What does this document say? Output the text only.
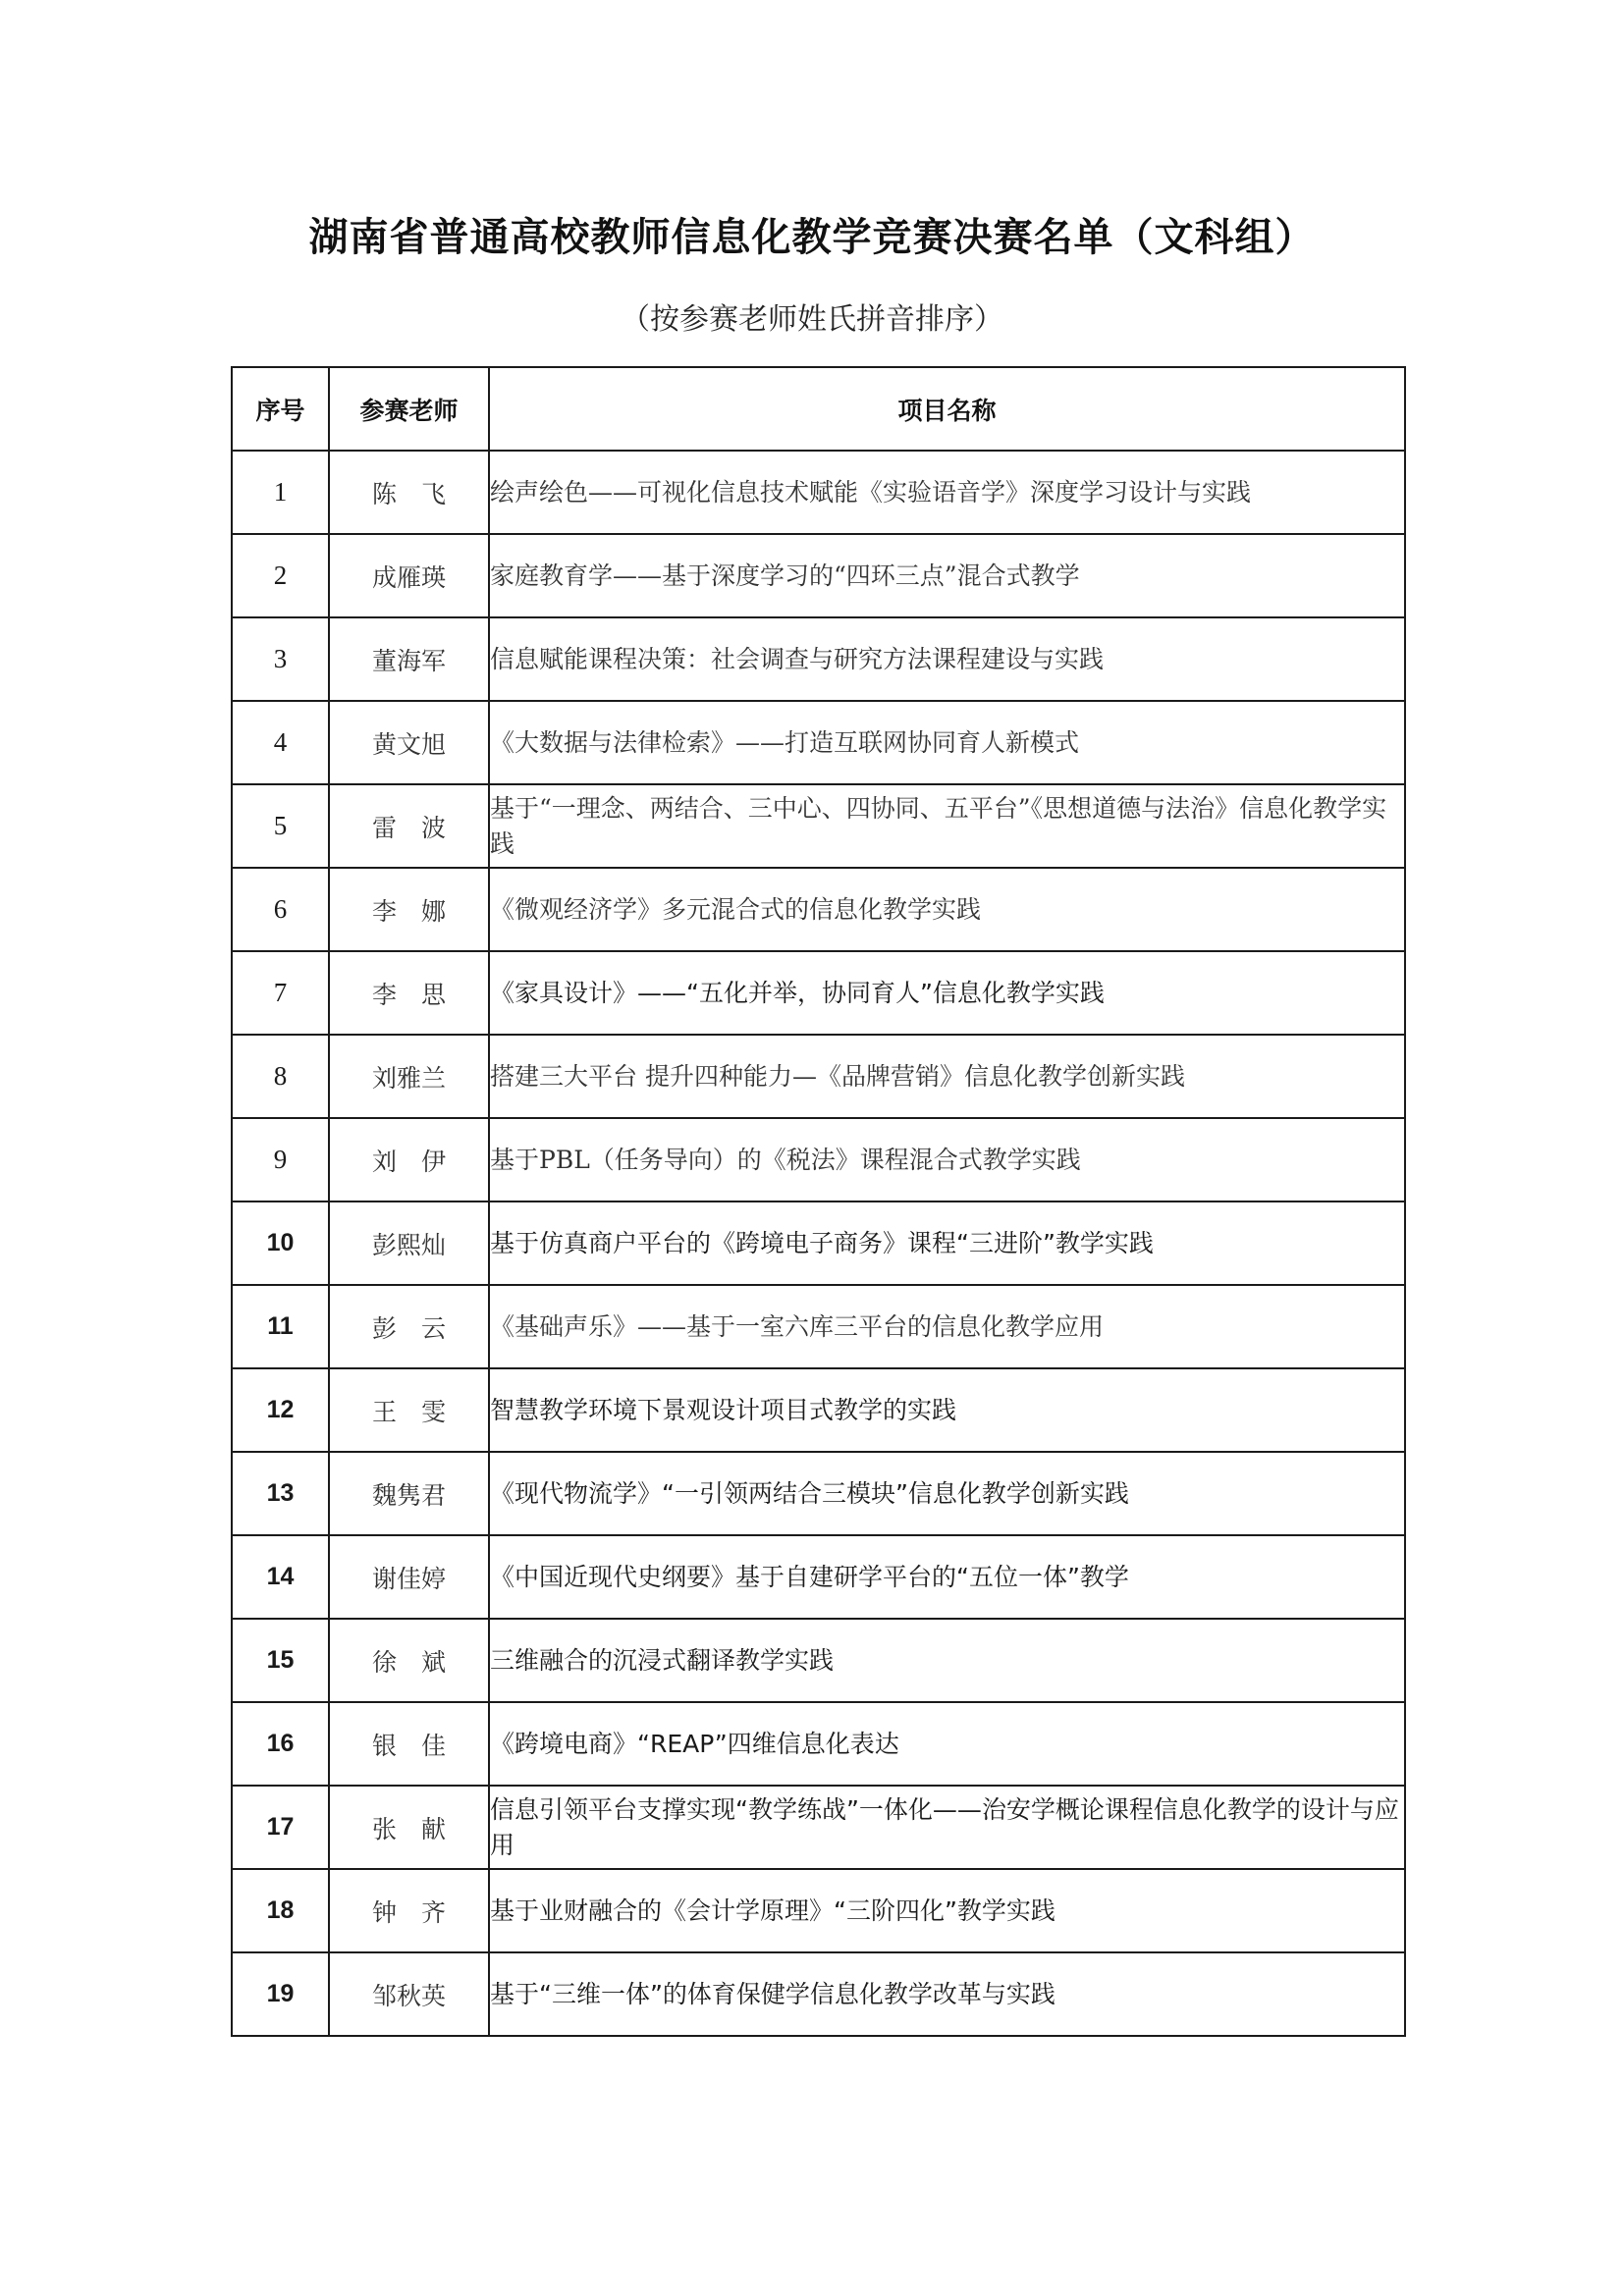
湖南省普通高校教师信息化教学竞赛决赛名单（文科组）
（按参赛老师姓氏拼音排序）
序号	参赛老师	项目名称
1	陈　飞	绘声绘色——可视化信息技术赋能《实验语音学》深度学习设计与实践
2	成雁瑛	家庭教育学——基于深度学习的“四环三点”混合式教学
3	董海军	信息赋能课程决策：社会调查与研究方法课程建设与实践
4	黄文旭	《大数据与法律检索》——打造互联网协同育人新模式
5	雷　波	基于“一理念、两结合、三中心、四协同、五平台”《思想道德与法治》信息化教学实践
6	李　娜	《微观经济学》多元混合式的信息化教学实践
7	李　思	《家具设计》——“五化并举，协同育人”信息化教学实践
8	刘雅兰	搭建三大平台 提升四种能力—《品牌营销》信息化教学创新实践
9	刘　伊	基于PBL（任务导向）的《税法》课程混合式教学实践
10	彭熙灿	基于仿真商户平台的《跨境电子商务》课程“三进阶”教学实践
11	彭　云	《基础声乐》——基于一室六库三平台的信息化教学应用
12	王　雯	智慧教学环境下景观设计项目式教学的实践
13	魏隽君	《现代物流学》“一引领两结合三模块”信息化教学创新实践
14	谢佳婷	《中国近现代史纲要》基于自建研学平台的“五位一体”教学
15	徐　斌	三维融合的沉浸式翻译教学实践
16	银　佳	《跨境电商》“REAP”四维信息化表达
17	张　献	信息引领平台支撑实现“教学练战”一体化——治安学概论课程信息化教学的设计与应用
18	钟　齐	基于业财融合的《会计学原理》“三阶四化”教学实践
19	邹秋英	基于“三维一体”的体育保健学信息化教学改革与实践
